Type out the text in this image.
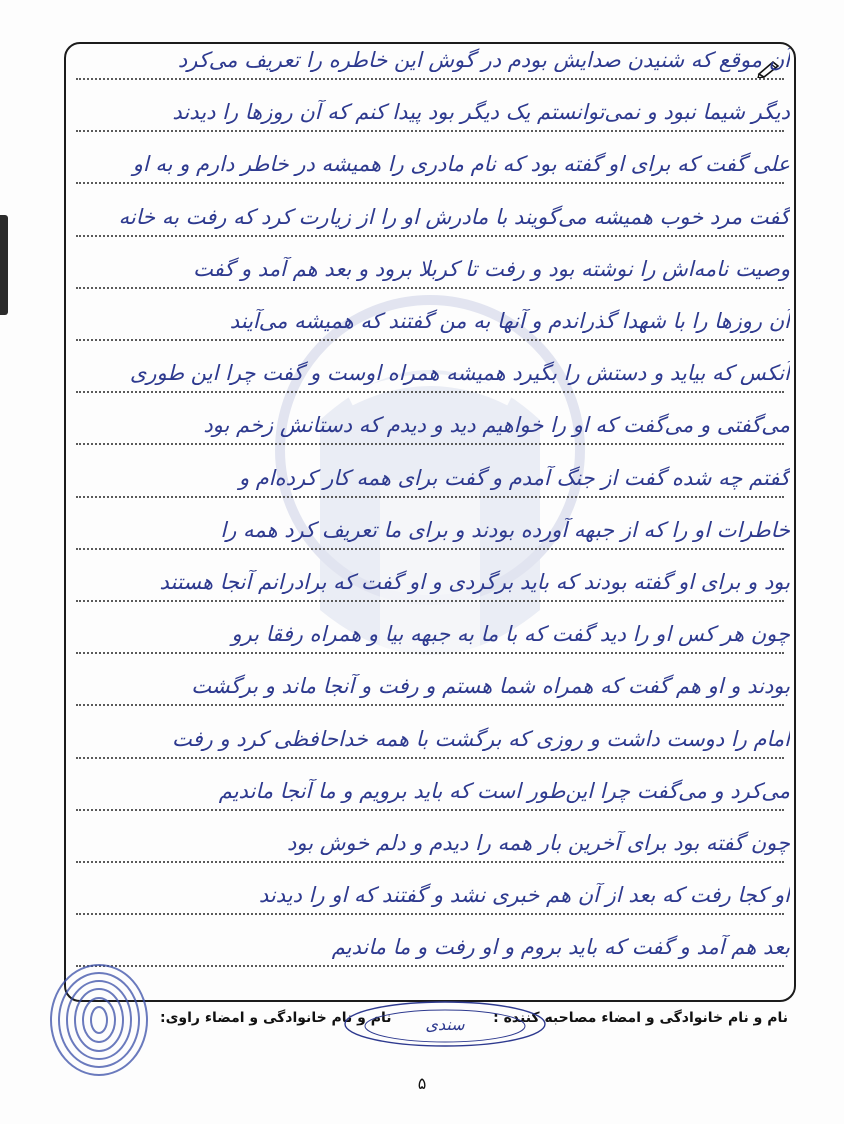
آن موقع که شنیدن صدایش بودم در گوش این خاطره را تعریف می‌کرد
دیگر شیما نبود و نمی‌توانستم یک دیگر بود پیدا کنم که آن روز‌ها را دیدند
علی گفت که برای او گفته بود که نام مادری را همیشه در خاطر دارم و به او
گفت مرد خوب همیشه می‌گویند با مادرش او را از زیارت کرد که رفت به خانه
وصیت نامه‌اش را نوشته بود و رفت تا کربلا برود و بعد هم آمد و گفت
آن روز‌ها را با شهدا گذراندم و آنها به من گفتند که همیشه می‌آیند
آنکس که بیاید و دستش را بگیرد همیشه همراه اوست و گفت چرا این طوری
می‌گفتی و می‌گفت که او را خواهیم دید و دیدم که دستانش زخم بود
گفتم چه شده گفت از جنگ آمدم و گفت برای همه کار کرده‌ام و
خاطرات او را که از جبهه آورده بودند و برای ما تعریف کرد همه را
بود و برای او گفته بودند که باید برگردی و او گفت که برادرانم آنجا هستند
چون هر کس او را دید گفت که با ما به جبهه بیا و همراه رفقا برو
بودند و او هم گفت که همراه شما هستم و رفت و آنجا ماند و برگشت
امام را دوست داشت و روزی که برگشت با همه خداحافظی کرد و رفت
می‌کرد و می‌گفت چرا این‌طور است که باید برویم و ما آنجا ماندیم
چون گفته بود برای آخرین بار همه را دیدم و دلم خوش بود
او کجا رفت که بعد از آن هم خبری نشد و گفتند که او را دیدند
بعد هم آمد و گفت که باید بروم و او رفت و ما ماندیم
نام و نام خانوادگی و امضاء مصاحبه کننده :
نام و نام خانوادگی و امضاء راوی: سندی
۵
